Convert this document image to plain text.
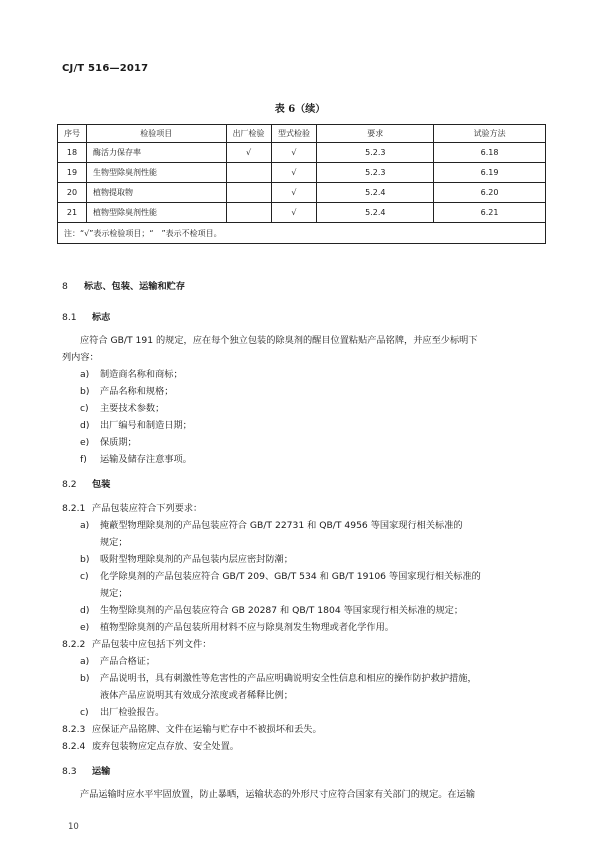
CJ/T 516—2017
表 6（续）
序号	检验项目	出厂检验	型式检验	要求	试验方法
18	酶活力保存率	√	√	5.2.3	6.18
19	生物型除臭剂性能		√	5.2.3	6.19
20	植物提取物		√	5.2.4	6.20
21	植物型除臭剂性能		√	5.2.4	6.21
注：“√”表示检验项目；“　”表示不检项目。					
8 标志、包装、运输和贮存
8.1 标志
应符合 GB/T 191 的规定，应在每个独立包装的除臭剂的醒目位置粘贴产品铭牌，并应至少标明下
列内容：
a) 制造商名称和商标；
b) 产品名称和规格；
c) 主要技术参数；
d) 出厂编号和制造日期；
e) 保质期；
f) 运输及储存注意事项。
8.2 包装
8.2.1 产品包装应符合下列要求：
a) 掩蔽型物理除臭剂的产品包装应符合 GB/T 22731 和 QB/T 4956 等国家现行相关标准的
规定；
b) 吸附型物理除臭剂的产品包装内层应密封防潮；
c) 化学除臭剂的产品包装应符合 GB/T 209、GB/T 534 和 GB/T 19106 等国家现行相关标准的
规定；
d) 生物型除臭剂的产品包装应符合 GB 20287 和 QB/T 1804 等国家现行相关标准的规定；
e) 植物型除臭剂的产品包装所用材料不应与除臭剂发生物理或者化学作用。
8.2.2 产品包装中应包括下列文件：
a) 产品合格证；
b) 产品说明书，具有刺激性等危害性的产品应明确说明安全性信息和相应的操作防护救护措施，
液体产品应说明其有效成分浓度或者稀释比例；
c) 出厂检验报告。
8.2.3 应保证产品铭牌、文件在运输与贮存中不被损坏和丢失。
8.2.4 废弃包装物应定点存放、安全处置。
8.3 运输
产品运输时应水平牢固放置，防止暴晒，运输状态的外形尺寸应符合国家有关部门的规定。在运输
10
